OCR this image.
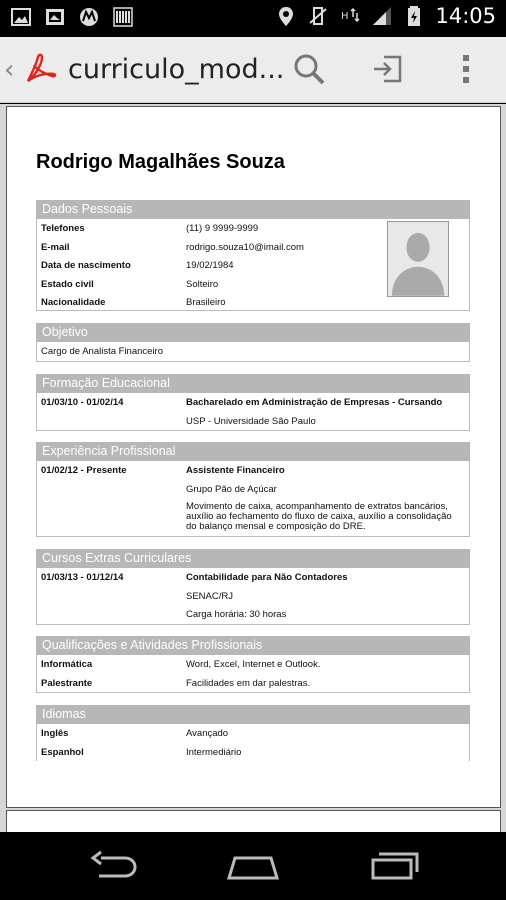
H	14:05
‹ curriculo_mod...
Rodrigo Magalhães Souza
Dados Pessoais
Telefones	(11) 9 9999-9999
E-mail	rodrigo.souza10@imail.com
Data de nascimento	19/02/1984
Estado civil	Solteiro
Nacionalidade	Brasileiro
Objetivo
Cargo de Analista Financeiro
Formação Educacional
01/03/10 - 01/02/14	Bacharelado em Administração de Empresas - Cursando
USP - Universidade São Paulo
Experiência Profissional
01/02/12 - Presente	Assistente Financeiro
Grupo Pão de Açúcar
Movimento de caixa, acompanhamento de extratos bancários, auxílio ao fechamento do fluxo de caixa, auxílio a consolidação do balanço mensal e composição do DRE.
Cursos Extras Curriculares
01/03/13 - 01/12/14	Contabilidade para Não Contadores
SENAC/RJ
Carga horária: 30 horas
Qualificações e Atividades Profissionais
Informática	Word, Excel, Internet e Outlook.
Palestrante	Facilidades em dar palestras.
Idiomas
Inglês	Avançado
Espanhol	Intermediário
